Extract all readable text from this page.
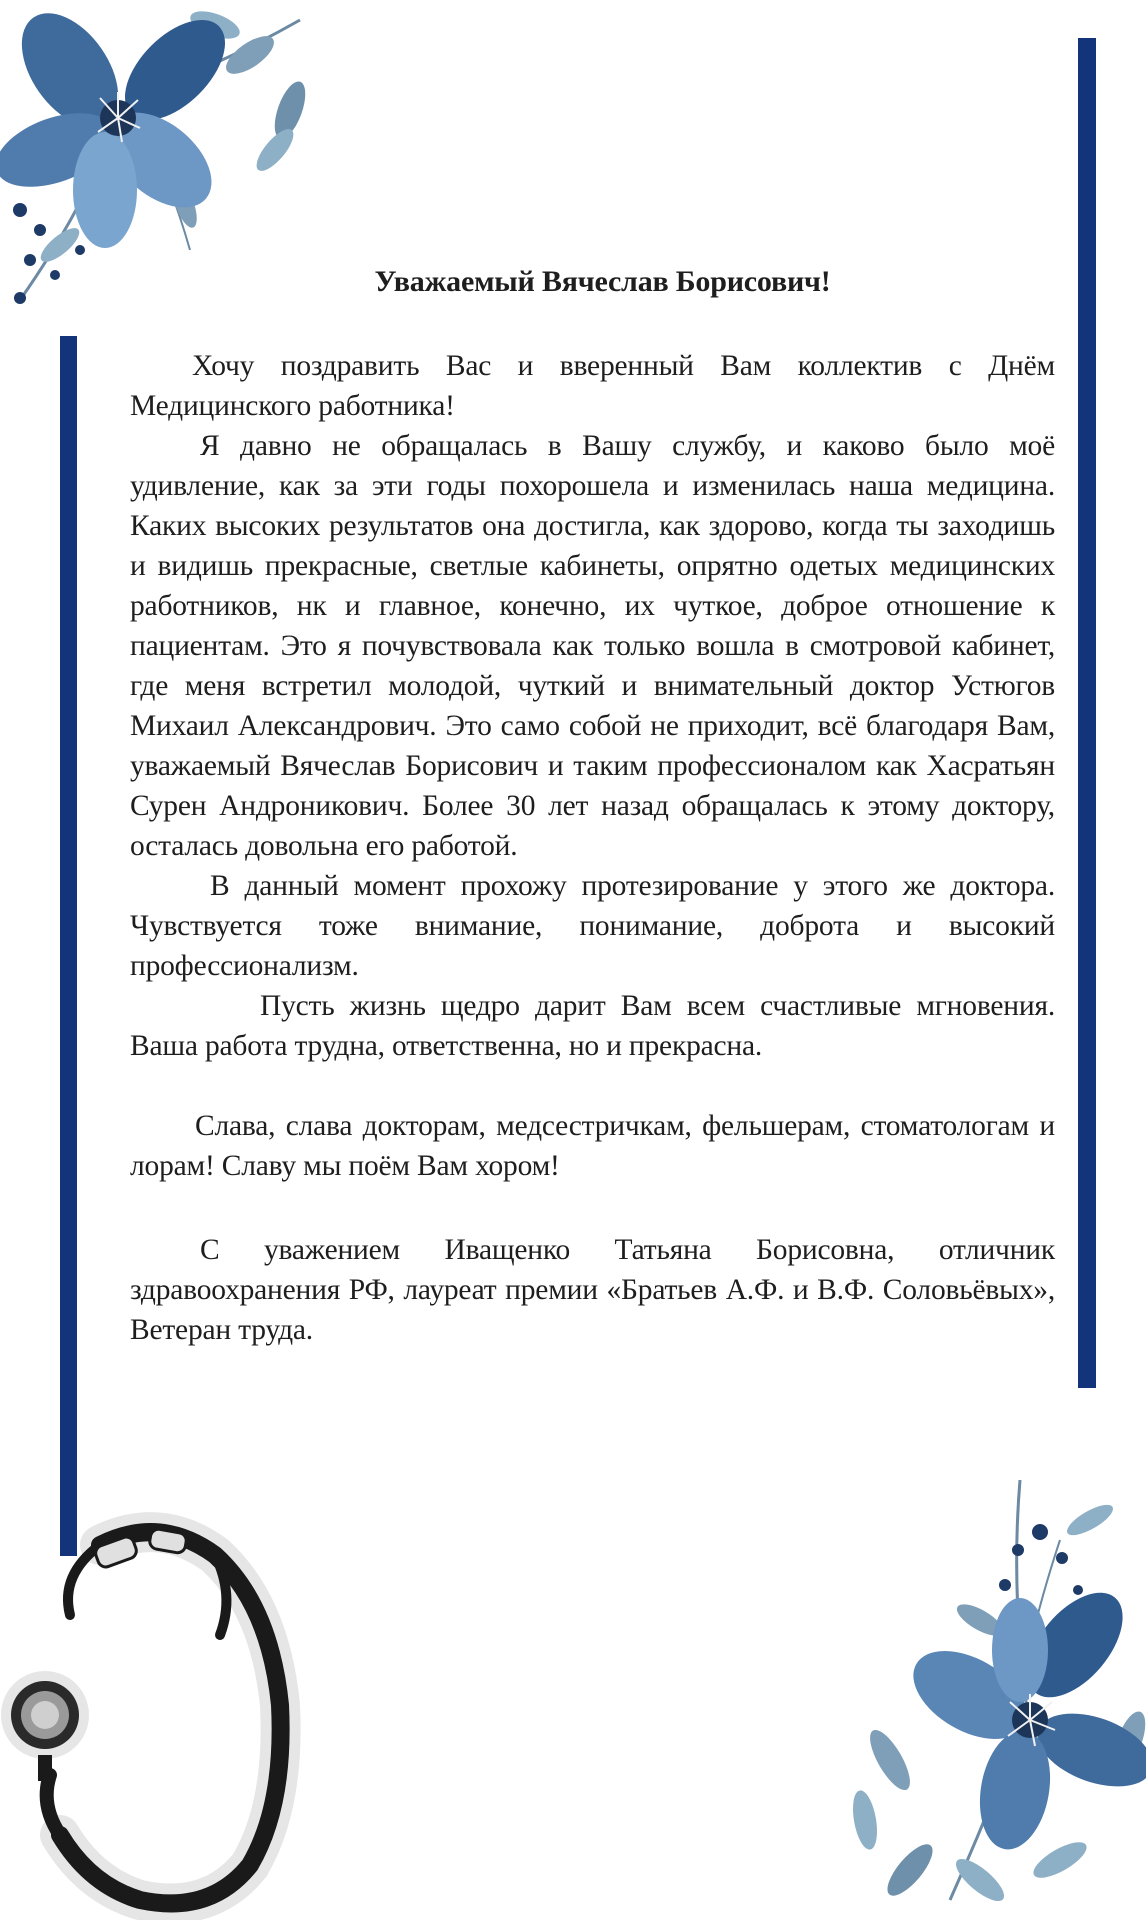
Уважаемый Вячеслав Борисович!

Хочу поздравить Вас и вверенный Вам коллектив с Днём Медицинского работника!

Я давно не обращалась в Вашу службу, и каково было моё удивление, как за эти годы похорошела и изменилась наша медицина. Каких высоких результатов она достигла, как здорово, когда ты заходишь и видишь прекрасные, светлые кабинеты, опрятно одетых медицинских работников, нк и главное, конечно, их чуткое, доброе отношение к пациентам. Это я почувствовала как только вошла в смотровой кабинет, где меня встретил молодой, чуткий и внимательный доктор Устюгов Михаил Александрович. Это само собой не приходит, всё благодаря Вам, уважаемый Вячеслав Борисович и таким профессионалом как Хасратьян Сурен Андроникович. Более 30 лет назад обращалась к этому доктору, осталась довольна его работой.

В данный момент прохожу протезирование у этого же доктора. Чувствуется тоже внимание, понимание, доброта и высокий профессионализм.

Пусть жизнь щедро дарит Вам всем счастливые мгновения. Ваша работа трудна, ответственна, но и прекрасна.

Слава, слава докторам, медсестричкам, фельшерам, стоматологам и лорам! Славу мы поём Вам хором!

С уважением Иващенко Татьяна Борисовна, отличник здравоохранения РФ, лауреат премии «Братьев А.Ф. и В.Ф. Соловьёвых», Ветеран труда.
